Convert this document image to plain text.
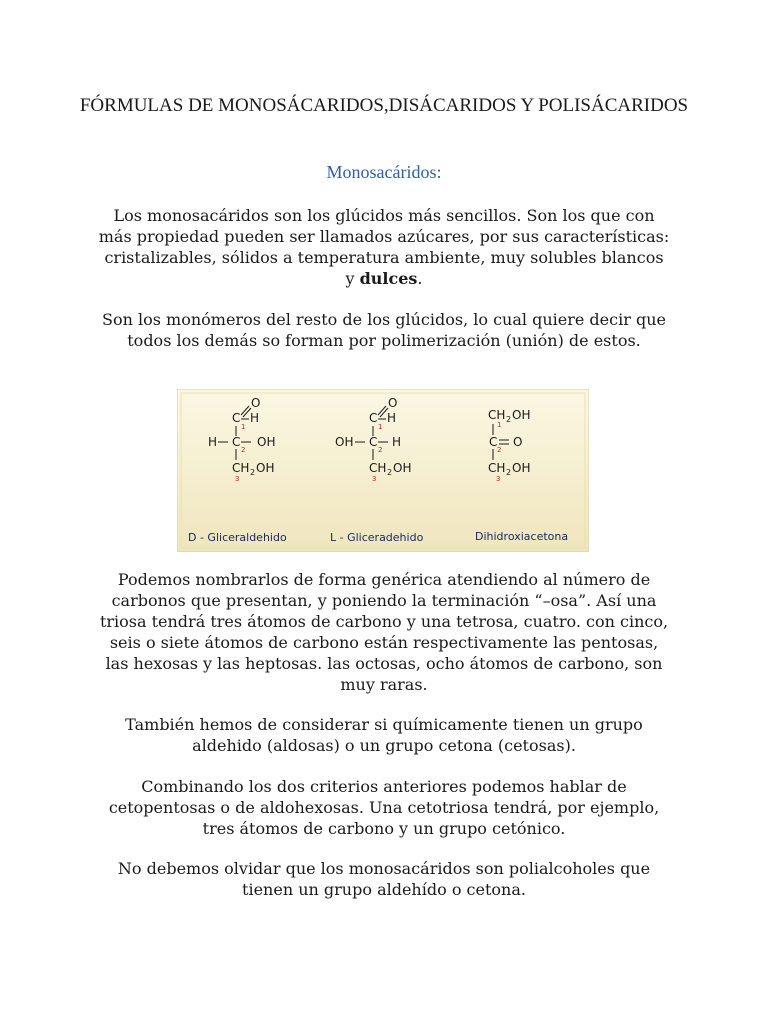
FÓRMULAS DE MONOSÁCARIDOS,DISÁCARIDOS Y POLISÁCARIDOS
Monosacáridos:

Los monosacáridos son los glúcidos más sencillos. Son los que con más propiedad pueden ser llamados azúcares, por sus características: cristalizables, sólidos a temperatura ambiente, muy solubles blancos y dulces.

Son los monómeros del resto de los glúcidos, lo cual quiere decir que todos los demás so forman por polimerización (unión) de estos.

O
C H
1
H C OH
2
CH 2 OH
3
D - Gliceraldehido
O
C H
1
OH C H
2
CH 2 OH
3
L - Gliceradehido
CH 2 OH
1
C O
2
CH 2 OH
3
Dihidroxiacetona

Podemos nombrarlos de forma genérica atendiendo al número de carbonos que presentan, y poniendo la terminación “–osa”. Así una triosa tendrá tres átomos de carbono y una tetrosa, cuatro. con cinco, seis o siete átomos de carbono están respectivamente las pentosas, las hexosas y las heptosas. las octosas, ocho átomos de carbono, son muy raras.

También hemos de considerar si químicamente tienen un grupo aldehido (aldosas) o un grupo cetona (cetosas).

Combinando los dos criterios anteriores podemos hablar de cetopentosas o de aldohexosas. Una cetotriosa tendrá, por ejemplo, tres átomos de carbono y un grupo cetónico.

No debemos olvidar que los monosacáridos son polialcoholes que tienen un grupo aldehído o cetona.
